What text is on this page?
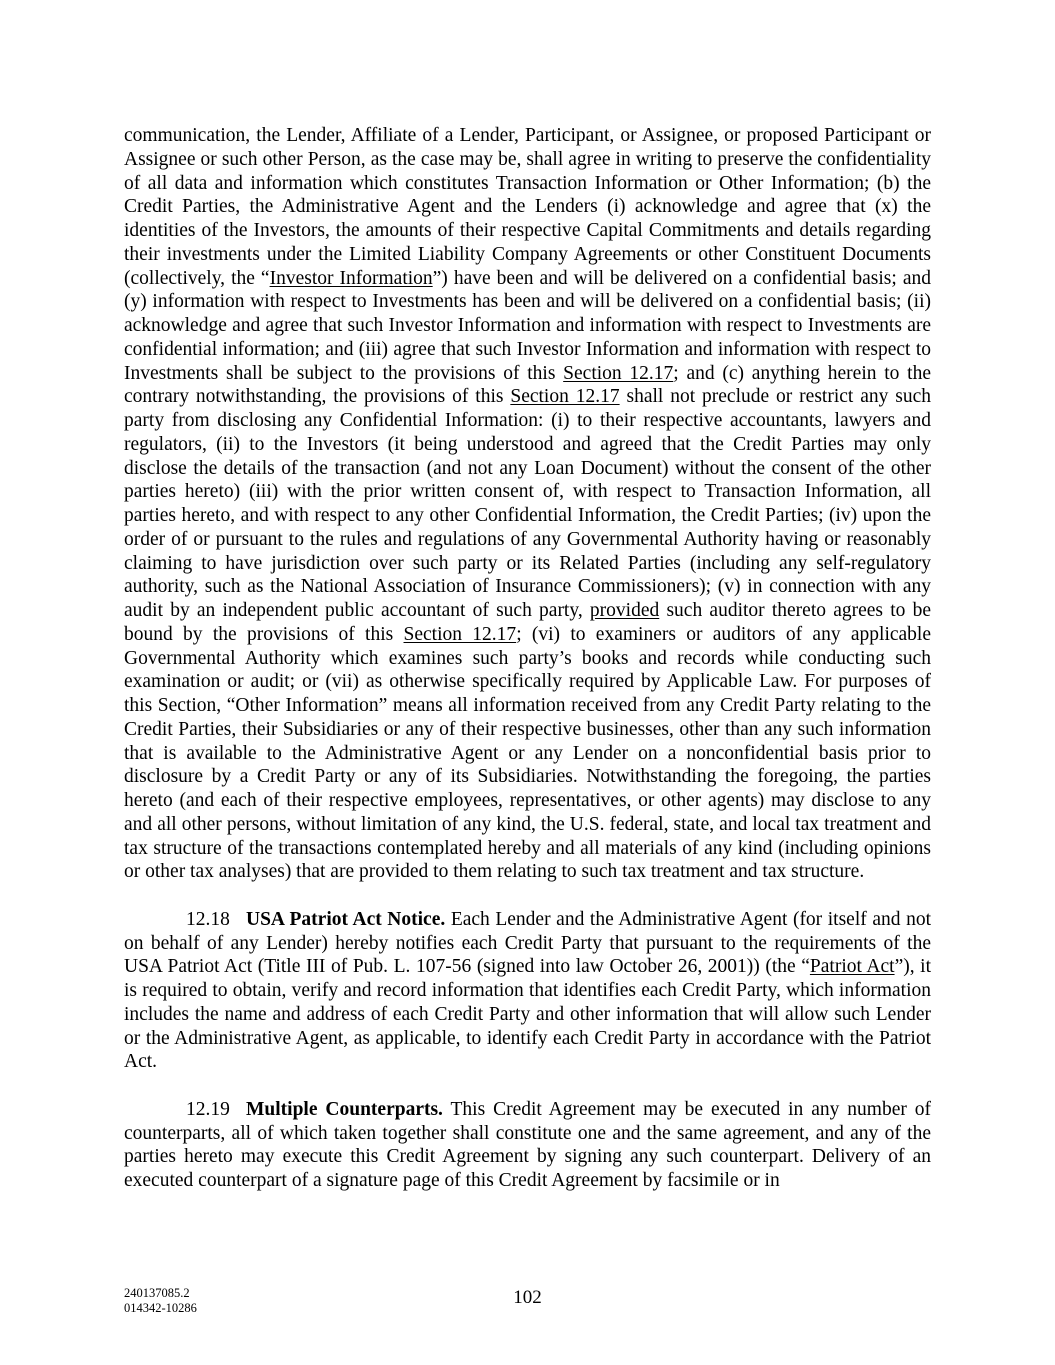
communication, the Lender, Affiliate of a Lender, Participant, or Assignee, or proposed Participant or Assignee or such other Person, as the case may be, shall agree in writing to preserve the confidentiality of all data and information which constitutes Transaction Information or Other Information; (b) the Credit Parties, the Administrative Agent and the Lenders (i) acknowledge and agree that (x) the identities of the Investors, the amounts of their respective Capital Commitments and details regarding their investments under the Limited Liability Company Agreements or other Constituent Documents (collectively, the “Investor Information”) have been and will be delivered on a confidential basis; and (y) information with respect to Investments has been and will be delivered on a confidential basis; (ii) acknowledge and agree that such Investor Information and information with respect to Investments are confidential information; and (iii) agree that such Investor Information and information with respect to Investments shall be subject to the provisions of this Section 12.17; and (c) anything herein to the contrary notwithstanding, the provisions of this Section 12.17 shall not preclude or restrict any such party from disclosing any Confidential Information: (i) to their respective accountants, lawyers and regulators, (ii) to the Investors (it being understood and agreed that the Credit Parties may only disclose the details of the transaction (and not any Loan Document) without the consent of the other parties hereto) (iii) with the prior written consent of, with respect to Transaction Information, all parties hereto, and with respect to any other Confidential Information, the Credit Parties; (iv) upon the order of or pursuant to the rules and regulations of any Governmental Authority having or reasonably claiming to have jurisdiction over such party or its Related Parties (including any self-regulatory authority, such as the National Association of Insurance Commissioners); (v) in connection with any audit by an independent public accountant of such party, provided such auditor thereto agrees to be bound by the provisions of this Section 12.17; (vi) to examiners or auditors of any applicable Governmental Authority which examines such party’s books and records while conducting such examination or audit; or (vii) as otherwise specifically required by Applicable Law. For purposes of this Section, “Other Information” means all information received from any Credit Party relating to the Credit Parties, their Subsidiaries or any of their respective businesses, other than any such information that is available to the Administrative Agent or any Lender on a nonconfidential basis prior to disclosure by a Credit Party or any of its Subsidiaries. Notwithstanding the foregoing, the parties hereto (and each of their respective employees, representatives, or other agents) may disclose to any and all other persons, without limitation of any kind, the U.S. federal, state, and local tax treatment and tax structure of the transactions contemplated hereby and all materials of any kind (including opinions or other tax analyses) that are provided to them relating to such tax treatment and tax structure.

12.18 USA Patriot Act Notice. Each Lender and the Administrative Agent (for itself and not on behalf of any Lender) hereby notifies each Credit Party that pursuant to the requirements of the USA Patriot Act (Title III of Pub. L. 107-56 (signed into law October 26, 2001)) (the “Patriot Act”), it is required to obtain, verify and record information that identifies each Credit Party, which information includes the name and address of each Credit Party and other information that will allow such Lender or the Administrative Agent, as applicable, to identify each Credit Party in accordance with the Patriot Act.

12.19 Multiple Counterparts. This Credit Agreement may be executed in any number of counterparts, all of which taken together shall constitute one and the same agreement, and any of the parties hereto may execute this Credit Agreement by signing any such counterpart. Delivery of an executed counterpart of a signature page of this Credit Agreement by facsimile or in

240137085.2
014342-10286	102
